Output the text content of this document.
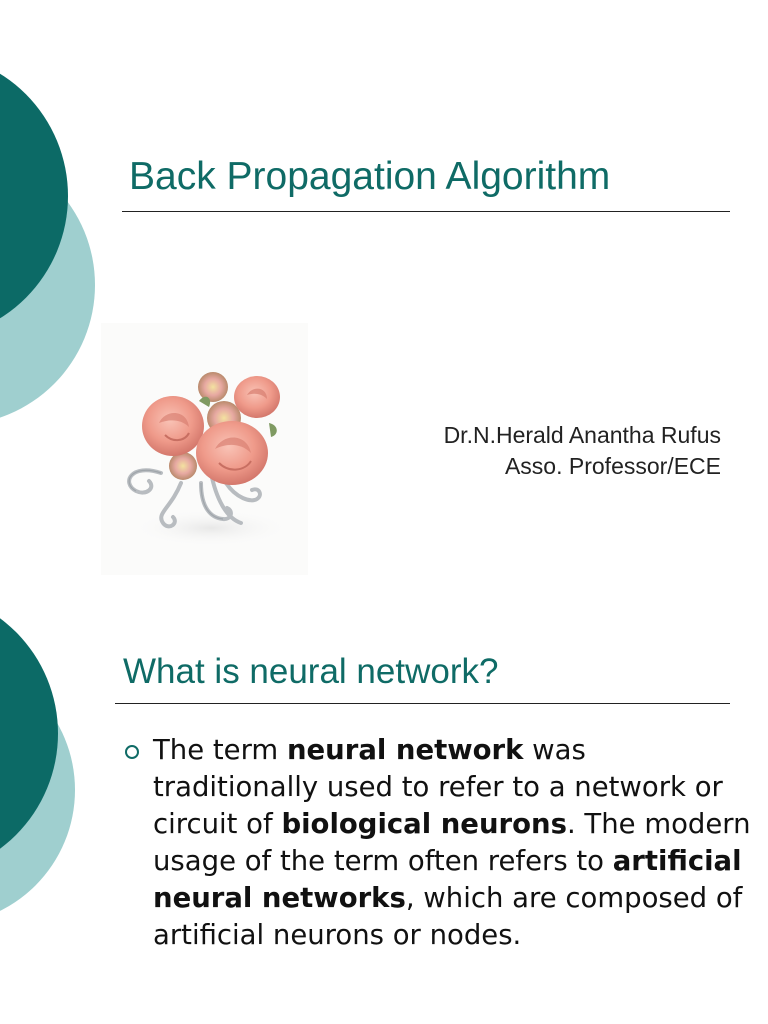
Back Propagation Algorithm
Dr.N.Herald Anantha Rufus
Asso. Professor/ECE
What is neural network?
The term neural network was traditionally used to refer to a network or circuit of biological neurons. The modern usage of the term often refers to artificial neural networks, which are composed of artificial neurons or nodes.
